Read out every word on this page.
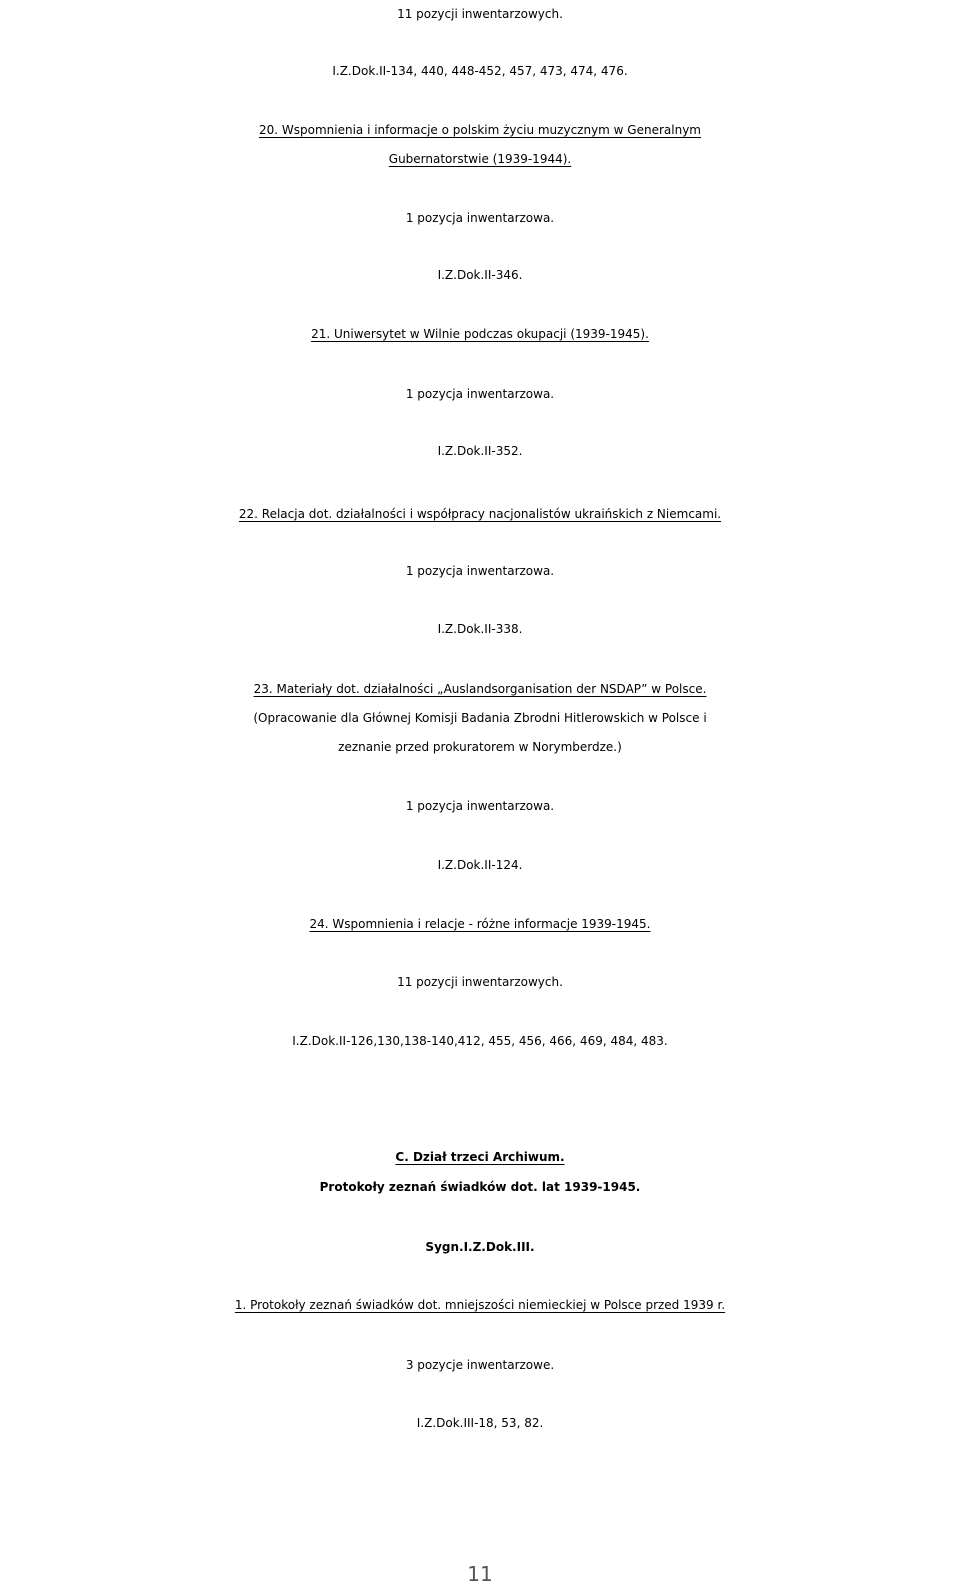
11 pozycji inwentarzowych.
I.Z.Dok.II-134, 440, 448-452, 457, 473, 474, 476.
20. Wspomnienia i informacje o polskim życiu muzycznym w Generalnym
Gubernatorstwie (1939-1944).
1 pozycja inwentarzowa.
I.Z.Dok.II-346.
21. Uniwersytet w Wilnie podczas okupacji (1939-1945).
1 pozycja inwentarzowa.
I.Z.Dok.II-352.
22. Relacja dot. działalności i współpracy nacjonalistów ukraińskich z Niemcami.
1 pozycja inwentarzowa.
I.Z.Dok.II-338.
23. Materiały dot. działalności „Auslandsorganisation der NSDAP” w Polsce.
(Opracowanie dla Głównej Komisji Badania Zbrodni Hitlerowskich w Polsce i
zeznanie przed prokuratorem w Norymberdze.)
1 pozycja inwentarzowa.
I.Z.Dok.II-124.
24. Wspomnienia i relacje - różne informacje 1939-1945.
11 pozycji inwentarzowych.
I.Z.Dok.II-126,130,138-140,412, 455, 456, 466, 469, 484, 483.
C. Dział trzeci Archiwum.
Protokoły zeznań świadków dot. lat 1939-1945.
Sygn.I.Z.Dok.III.
1. Protokoły zeznań świadków dot. mniejszości niemieckiej w Polsce przed 1939 r.
3 pozycje inwentarzowe.
I.Z.Dok.III-18, 53, 82.
11
